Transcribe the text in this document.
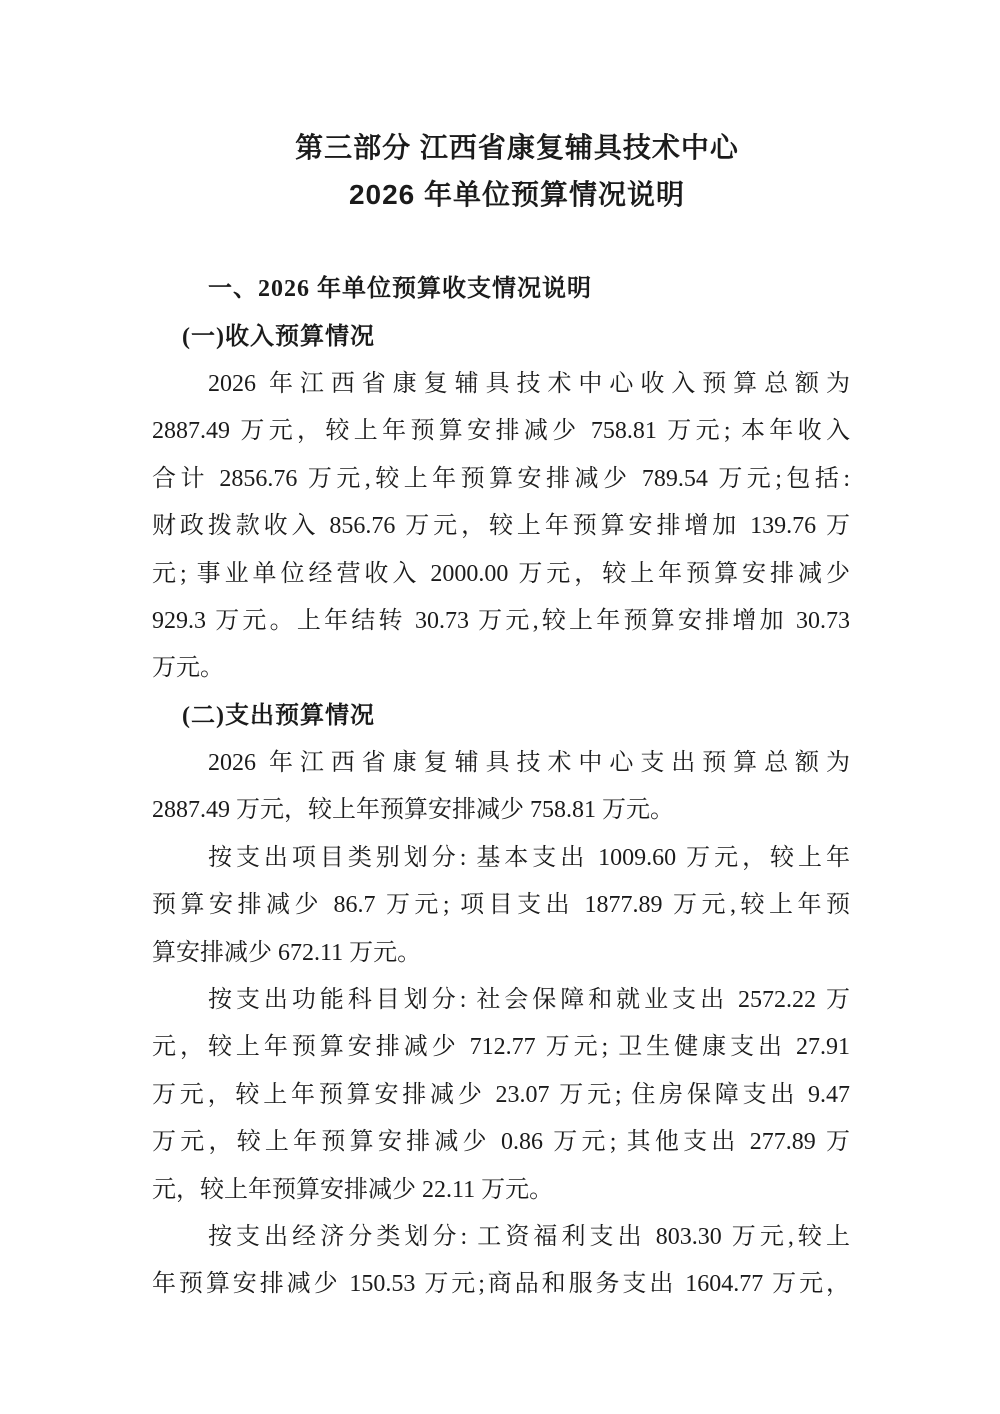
第三部分 江西省康复辅具技术中心
2026 年单位预算情况说明
一、2026 年单位预算收支情况说明
(一)收入预算情况
2026 年江西省康复辅具技术中心收入预算总额为
2887.49 万元，较上年预算安排减少 758.81 万元; 本年收入
合计 2856.76 万元,较上年预算安排减少 789.54 万元;包括:
财政拨款收入 856.76 万元，较上年预算安排增加 139.76 万
元; 事业单位经营收入 2000.00 万元，较上年预算安排减少
929.3 万元。上年结转 30.73 万元,较上年预算安排增加 30.73
万元。
(二)支出预算情况
2026 年江西省康复辅具技术中心支出预算总额为
2887.49 万元，较上年预算安排减少 758.81 万元。
按支出项目类别划分: 基本支出 1009.60 万元，较上年
预算安排减少 86.7 万元; 项目支出 1877.89 万元,较上年预
算安排减少 672.11 万元。
按支出功能科目划分: 社会保障和就业支出 2572.22 万
元，较上年预算安排减少 712.77 万元; 卫生健康支出 27.91
万元，较上年预算安排减少 23.07 万元; 住房保障支出 9.47
万元，较上年预算安排减少 0.86 万元; 其他支出 277.89 万
元，较上年预算安排减少 22.11 万元。
按支出经济分类划分: 工资福利支出 803.30 万元,较上
年预算安排减少 150.53 万元;商品和服务支出 1604.77 万元，
